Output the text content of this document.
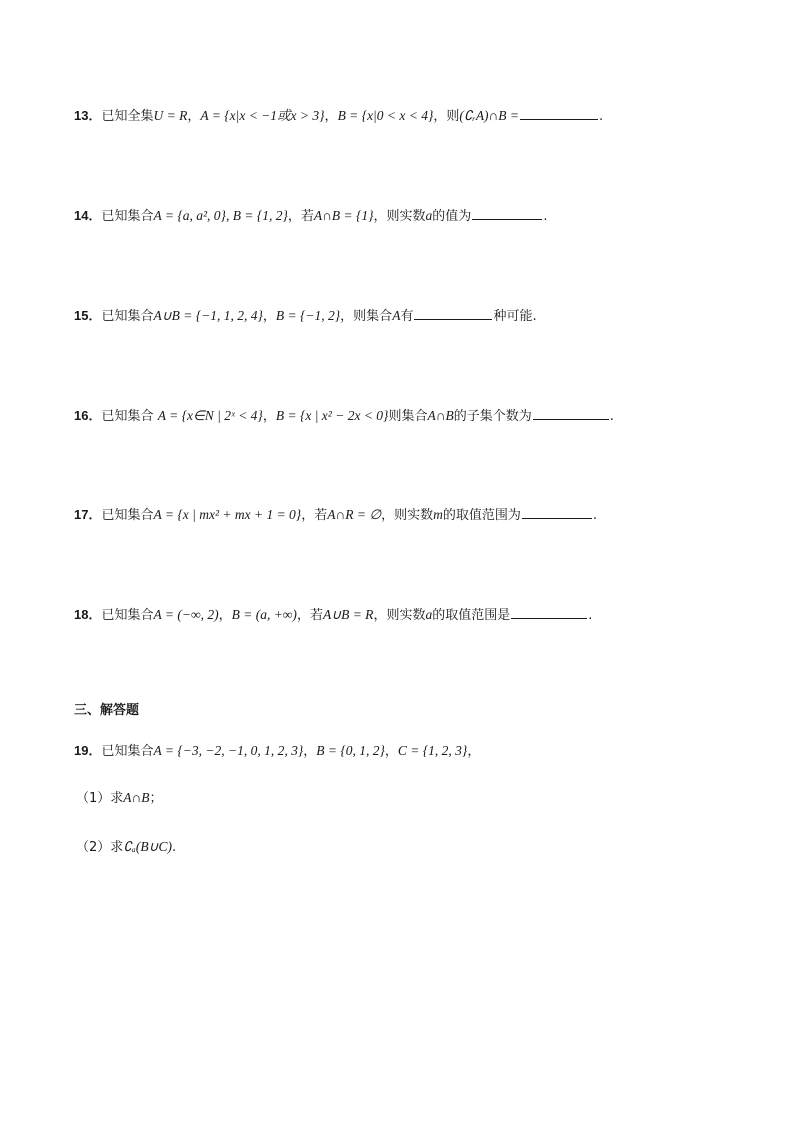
13．已知全集U = R，A = {x|x < −1或x > 3}，B = {x|0 < x < 4}，则(∁ᵣA)∩B =	.
14．已知集合A = {a, a², 0}, B = {1, 2}，若A∩B = {1}，则实数a的值为	.
15．已知集合A∪B = {−1, 1, 2, 4}，B = {−1, 2}，则集合A有	种可能.
16．已知集合 A = {x∈N | 2ˣ < 4}，B = {x | x² − 2x < 0}则集合A∩B的子集个数为	.
17．已知集合A = {x | mx² + mx + 1 = 0}，若A∩R = ∅，则实数m的取值范围为	.
18．已知集合A = (−∞, 2)，B = (a, +∞)，若A∪B = R，则实数a的取值范围是	.
三、解答题
19．已知集合A = {−3, −2, −1, 0, 1, 2, 3}，B = {0, 1, 2}，C = {1, 2, 3}，
（1）求A∩B；
（2）求∁ₐ(B∪C).
